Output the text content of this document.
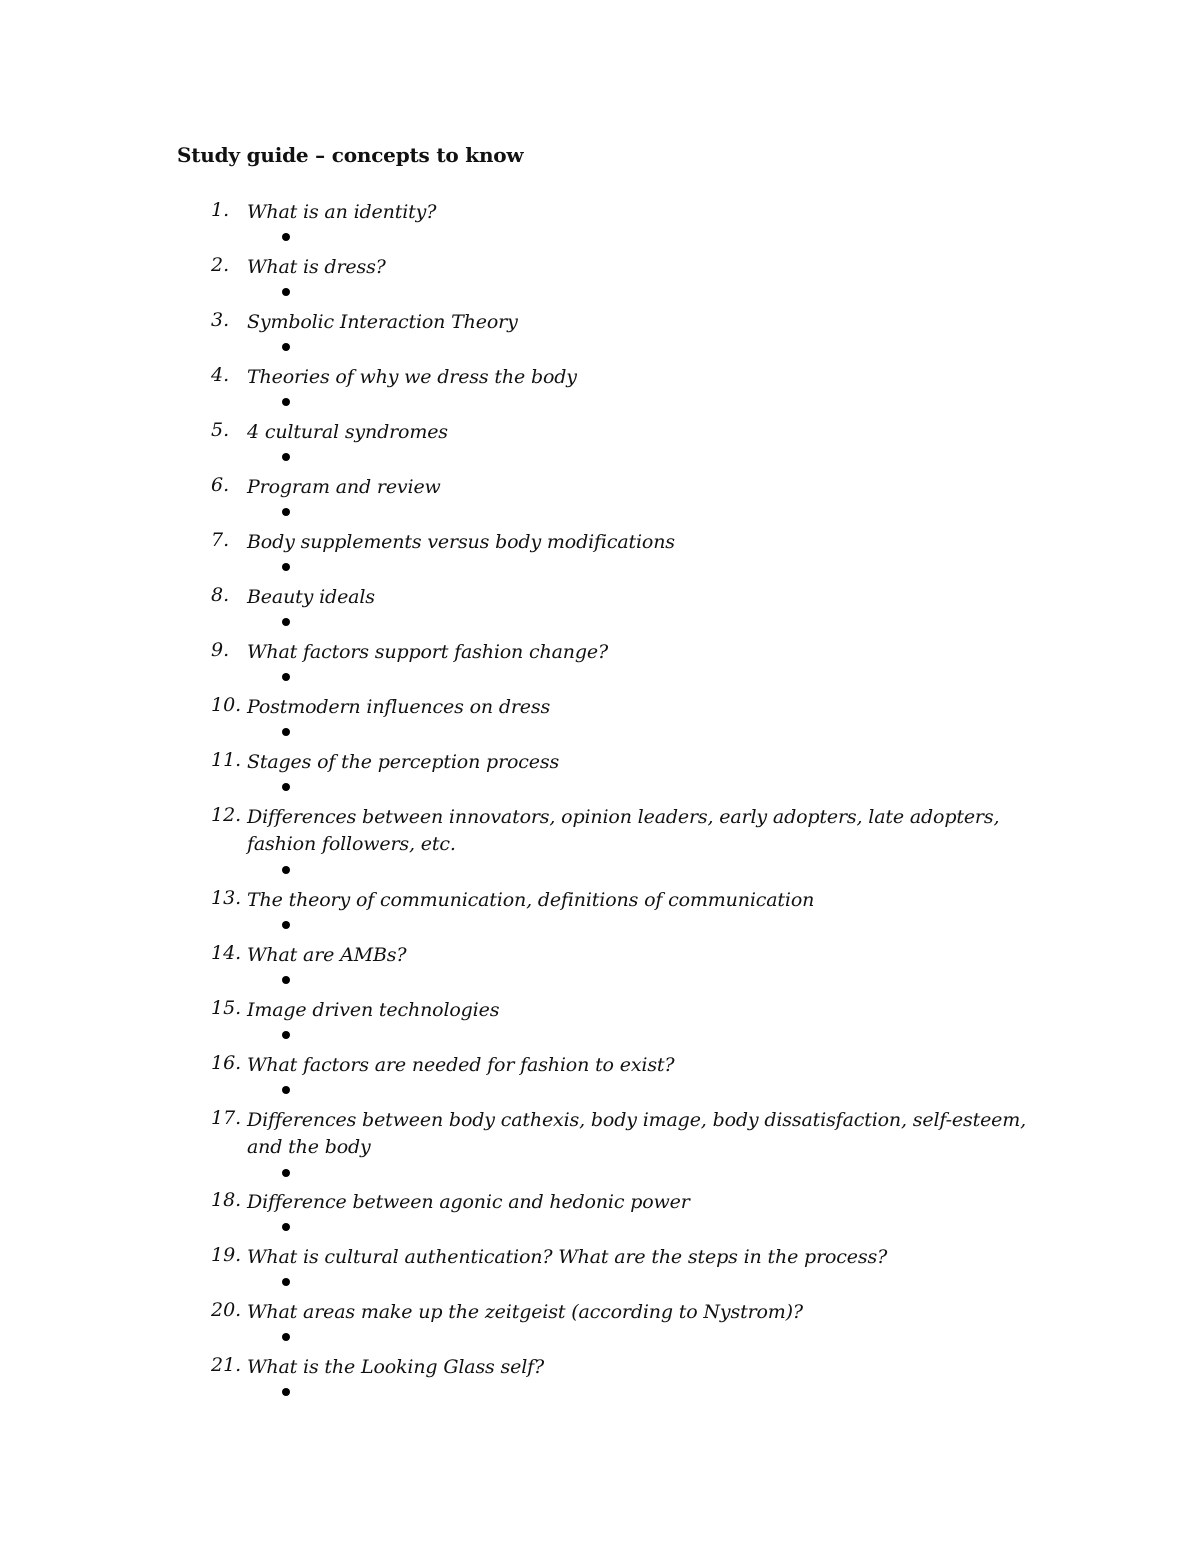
Study guide – concepts to know
1. What is an identity?
2. What is dress?
3. Symbolic Interaction Theory
4. Theories of why we dress the body
5. 4 cultural syndromes
6. Program and review
7. Body supplements versus body modifications
8. Beauty ideals
9. What factors support fashion change?
10. Postmodern influences on dress
11. Stages of the perception process
12. Differences between innovators, opinion leaders, early adopters, late adopters, fashion followers, etc.
13. The theory of communication, definitions of communication
14. What are AMBs?
15. Image driven technologies
16. What factors are needed for fashion to exist?
17. Differences between body cathexis, body image, body dissatisfaction, self-esteem, and the body
18. Difference between agonic and hedonic power
19. What is cultural authentication? What are the steps in the process?
20. What areas make up the zeitgeist (according to Nystrom)?
21. What is the Looking Glass self?
